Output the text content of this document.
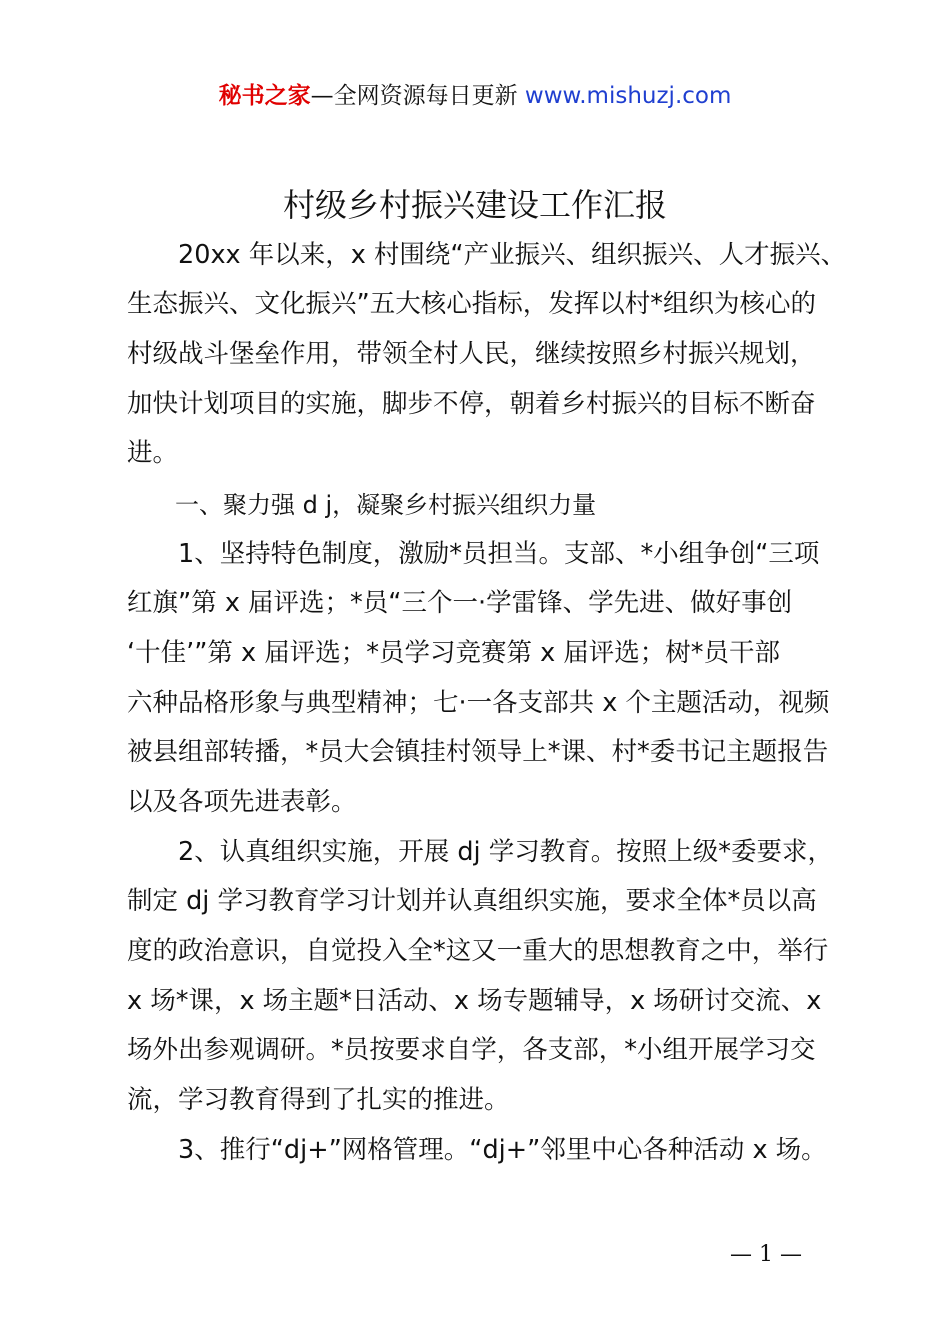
秘书之家—全网资源每日更新 www.mishuzj.com
村级乡村振兴建设工作汇报
　　20xx 年以来，x 村围绕“产业振兴、组织振兴、人才振兴、
生态振兴、文化振兴”五大核心指标，发挥以村*组织为核心的
村级战斗堡垒作用，带领全村人民，继续按照乡村振兴规划，
加快计划项目的实施，脚步不停，朝着乡村振兴的目标不断奋
进。
　　一、聚力强 d j，凝聚乡村振兴组织力量
　　1、坚持特色制度，激励*员担当。支部、*小组争创“三项
红旗”第 x 届评选；*员“三个一·学雷锋、学先进、做好事创
‘十佳’”第 x 届评选；*员学习竞赛第 x 届评选；树*员干部
六种品格形象与典型精神；七·一各支部共 x 个主题活动，视频
被县组部转播，*员大会镇挂村领导上*课、村*委书记主题报告
以及各项先进表彰。
　　2、认真组织实施，开展 dj 学习教育。按照上级*委要求，
制定 dj 学习教育学习计划并认真组织实施，要求全体*员以高
度的政治意识，自觉投入全*这又一重大的思想教育之中，举行
x 场*课，x 场主题*日活动、x 场专题辅导，x 场研讨交流、x
场外出参观调研。*员按要求自学，各支部，*小组开展学习交
流，学习教育得到了扎实的推进。
　　3、推行“dj+”网格管理。“dj+”邻里中心各种活动 x 场。
— 1 —
